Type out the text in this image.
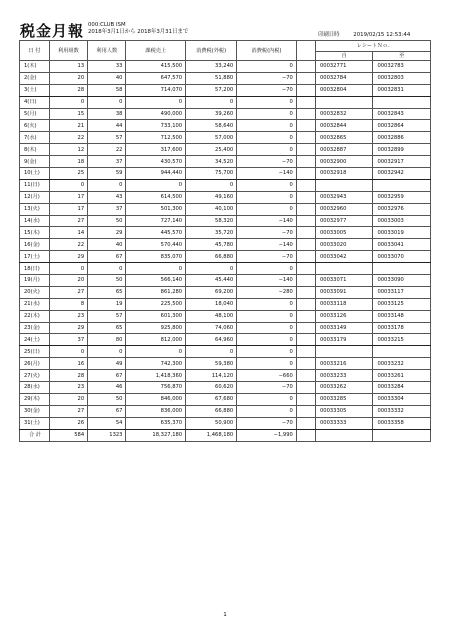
税金月報 000:CLUB ISM
2018年3月1日から 2018年3月31日まで	印刷日時	2019/02/15 12:53:44
日 付	利用組数	利用人数	課税売上	消費税(外税)	消費税(内税)		レシートＮｏ.	
							自	至
1(木)	13	33	415,500	33,240	0		00032771	00032783
2(金)	20	40	647,570	51,880	−70		00032784	00032803
3(土)	28	58	714,070	57,200	−70		00032804	00032831
4(日)	0	0	0	0	0			
5(月)	15	38	490,000	39,260	0		00032832	00032843
6(火)	21	44	733,100	58,640	0		00032844	00032864
7(水)	22	57	712,500	57,000	0		00032865	00032886
8(木)	12	22	317,600	25,400	0		00032887	00032899
9(金)	18	37	430,570	34,520	−70		00032900	00032917
10(土)	25	59	944,440	75,700	−140		00032918	00032942
11(日)	0	0	0	0	0			
12(月)	17	43	614,500	49,160	0		00032943	00032959
13(火)	17	37	501,300	40,100	0		00032960	00032976
14(水)	27	50	727,140	58,320	−140		00032977	00033003
15(木)	14	29	445,570	35,720	−70		00033005	00033019
16(金)	22	40	570,440	45,780	−140		00033020	00033041
17(土)	29	67	835,070	66,880	−70		00033042	00033070
18(日)	0	0	0	0	0			
19(月)	20	50	566,140	45,440	−140		00033071	00033090
20(火)	27	65	861,280	69,200	−280		00033091	00033117
21(水)	8	19	225,500	18,040	0		00033118	00033125
22(木)	23	57	601,300	48,100	0		00033126	00033148
23(金)	29	65	925,800	74,060	0		00033149	00033178
24(土)	37	80	812,000	64,960	0		00033179	00033215
25(日)	0	0	0	0	0			
26(月)	16	49	742,300	59,380	0		00033216	00033232
27(火)	28	67	1,418,360	114,120	−660		00033233	00033261
28(水)	23	46	756,870	60,620	−70		00033262	00033284
29(木)	20	50	846,000	67,680	0		00033285	00033304
30(金)	27	67	836,000	66,880	0		00033305	00033332
31(土)	26	54	635,370	50,900	−70		00033333	00033358
合 計	584	1323	18,327,180	1,468,180	−1,990			
1
